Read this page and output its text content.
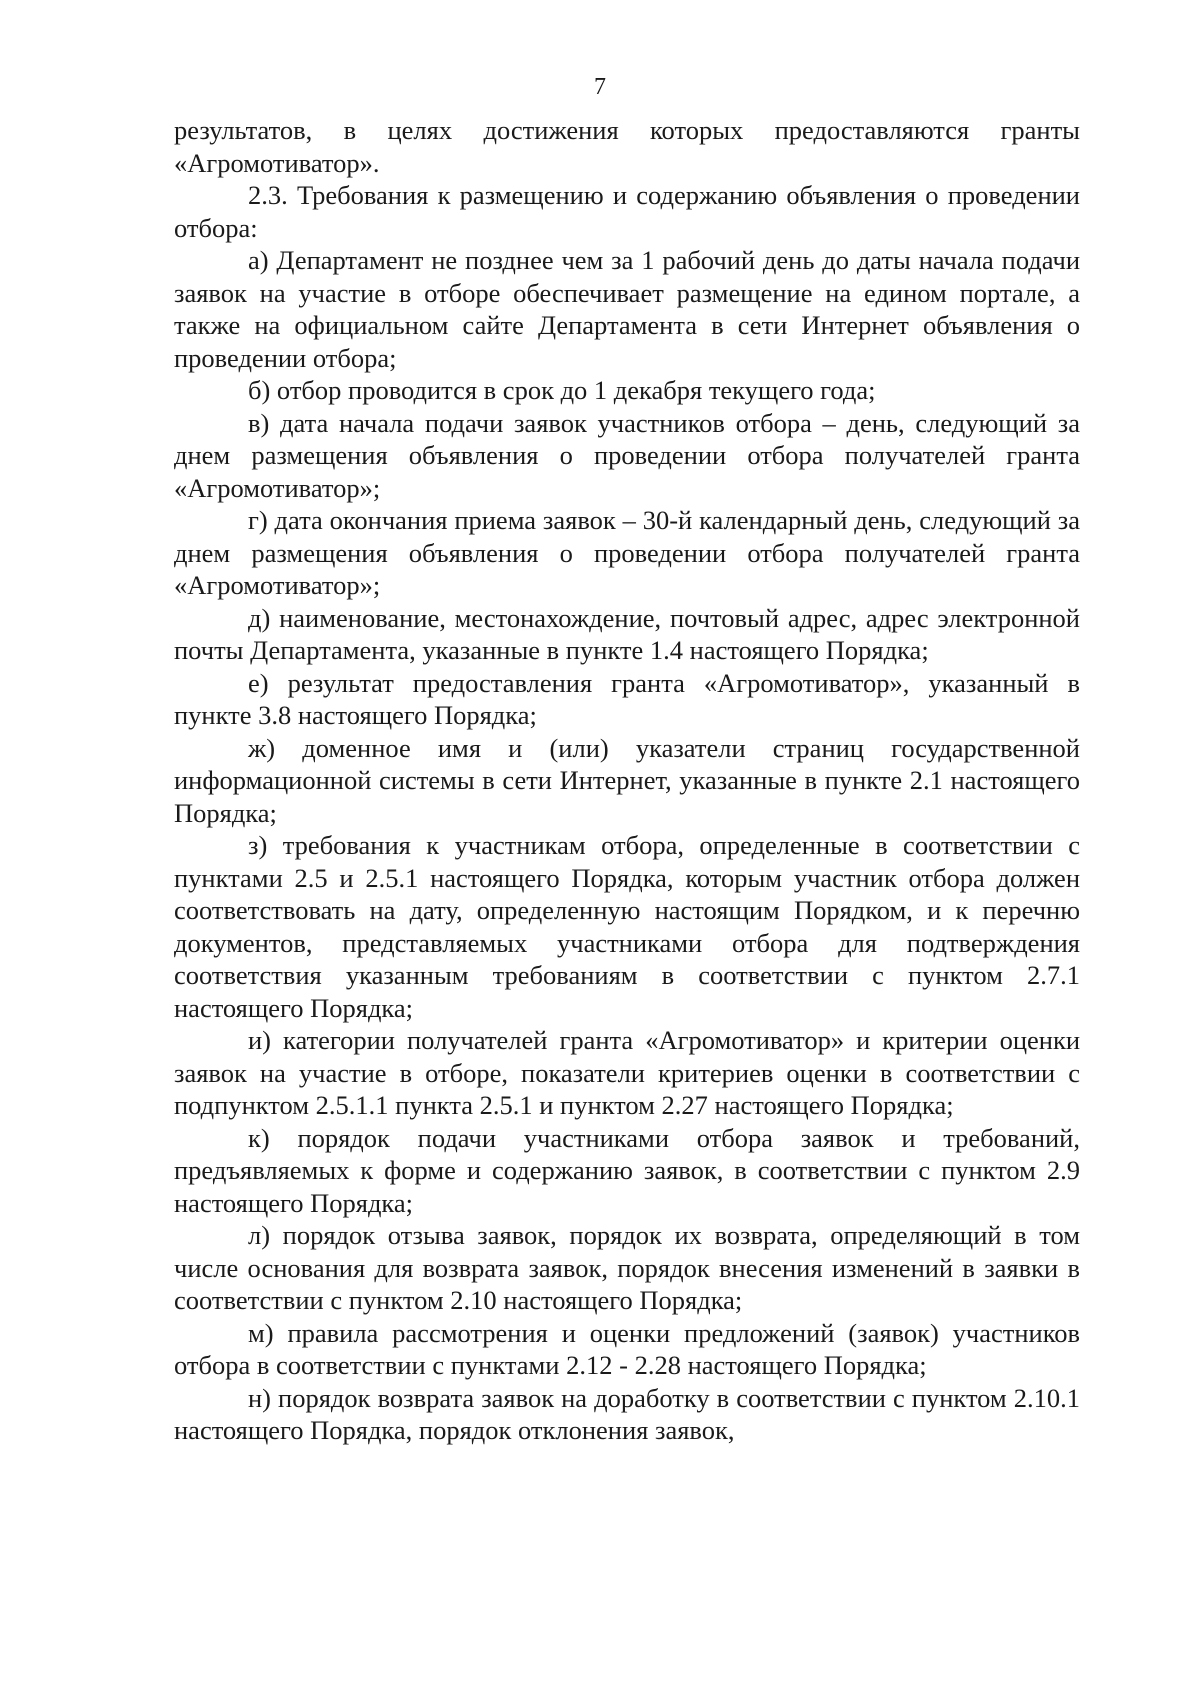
7

результатов, в целях достижения которых предоставляются гранты «Агромотиватор».

2.3. Требования к размещению и содержанию объявления о проведении отбора:

а) Департамент не позднее чем за 1 рабочий день до даты начала подачи заявок на участие в отборе обеспечивает размещение на едином портале, а также на официальном сайте Департамента в сети Интернет объявления о проведении отбора;

б) отбор проводится в срок до 1 декабря текущего года;

в) дата начала подачи заявок участников отбора – день, следующий за днем размещения объявления о проведении отбора получателей гранта «Агромотиватор»;

г) дата окончания приема заявок – 30-й календарный день, следующий за днем размещения объявления о проведении отбора получателей гранта «Агромотиватор»;

д) наименование, местонахождение, почтовый адрес, адрес электронной почты Департамента, указанные в пункте 1.4 настоящего Порядка;

е) результат предоставления гранта «Агромотиватор», указанный в пункте 3.8 настоящего Порядка;

ж) доменное имя и (или) указатели страниц государственной информационной системы в сети Интернет, указанные в пункте 2.1 настоящего Порядка;

з) требования к участникам отбора, определенные в соответствии с пунктами 2.5 и 2.5.1 настоящего Порядка, которым участник отбора должен соответствовать на дату, определенную настоящим Порядком, и к перечню документов, представляемых участниками отбора для подтверждения соответствия указанным требованиям в соответствии с пунктом 2.7.1 настоящего Порядка;

и) категории получателей гранта «Агромотиватор» и критерии оценки заявок на участие в отборе, показатели критериев оценки в соответствии с подпунктом 2.5.1.1 пункта 2.5.1 и пунктом 2.27 настоящего Порядка;

к) порядок подачи участниками отбора заявок и требований, предъявляемых к форме и содержанию заявок, в соответствии с пунктом 2.9 настоящего Порядка;

л) порядок отзыва заявок, порядок их возврата, определяющий в том числе основания для возврата заявок, порядок внесения изменений в заявки в соответствии с пунктом 2.10 настоящего Порядка;

м) правила рассмотрения и оценки предложений (заявок) участников отбора в соответствии с пунктами 2.12 - 2.28 настоящего Порядка;

н) порядок возврата заявок на доработку в соответствии с пунктом 2.10.1 настоящего Порядка, порядок отклонения заявок,
